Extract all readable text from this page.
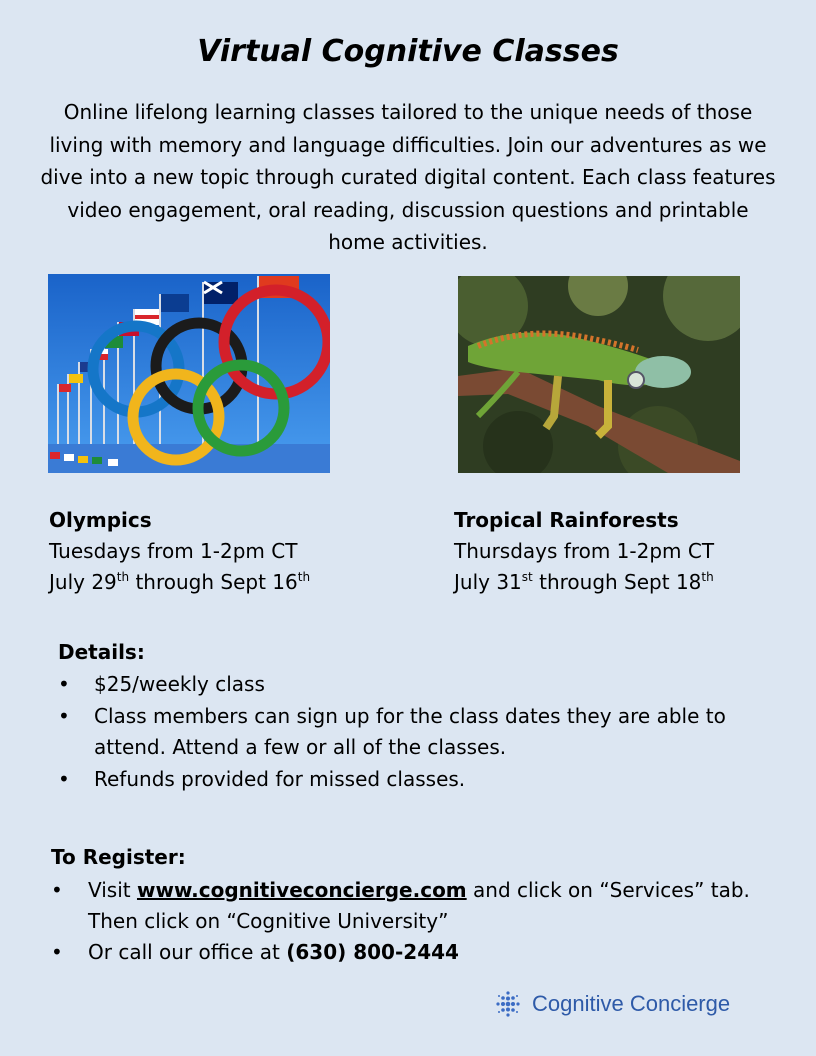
Virtual Cognitive Classes

Online lifelong learning classes tailored to the unique needs of those living with memory and language difficulties. Join our adventures as we dive into a new topic through curated digital content. Each class features video engagement, oral reading, discussion questions and printable home activities.

Olympics
Tuesdays from 1-2pm CT
July 29th through Sept 16th
Tropical Rainforests
Thursdays from 1-2pm CT
July 31st through Sept 18th
Details:
• $25/weekly class
• Class members can sign up for the class dates they are able to attend. Attend a few or all of the classes.
• Refunds provided for missed classes.
To Register:
• Visit www.cognitiveconcierge.com and click on “Services” tab. Then click on “Cognitive University”
• Or call our office at (630) 800-2444
Cognitive Concierge
